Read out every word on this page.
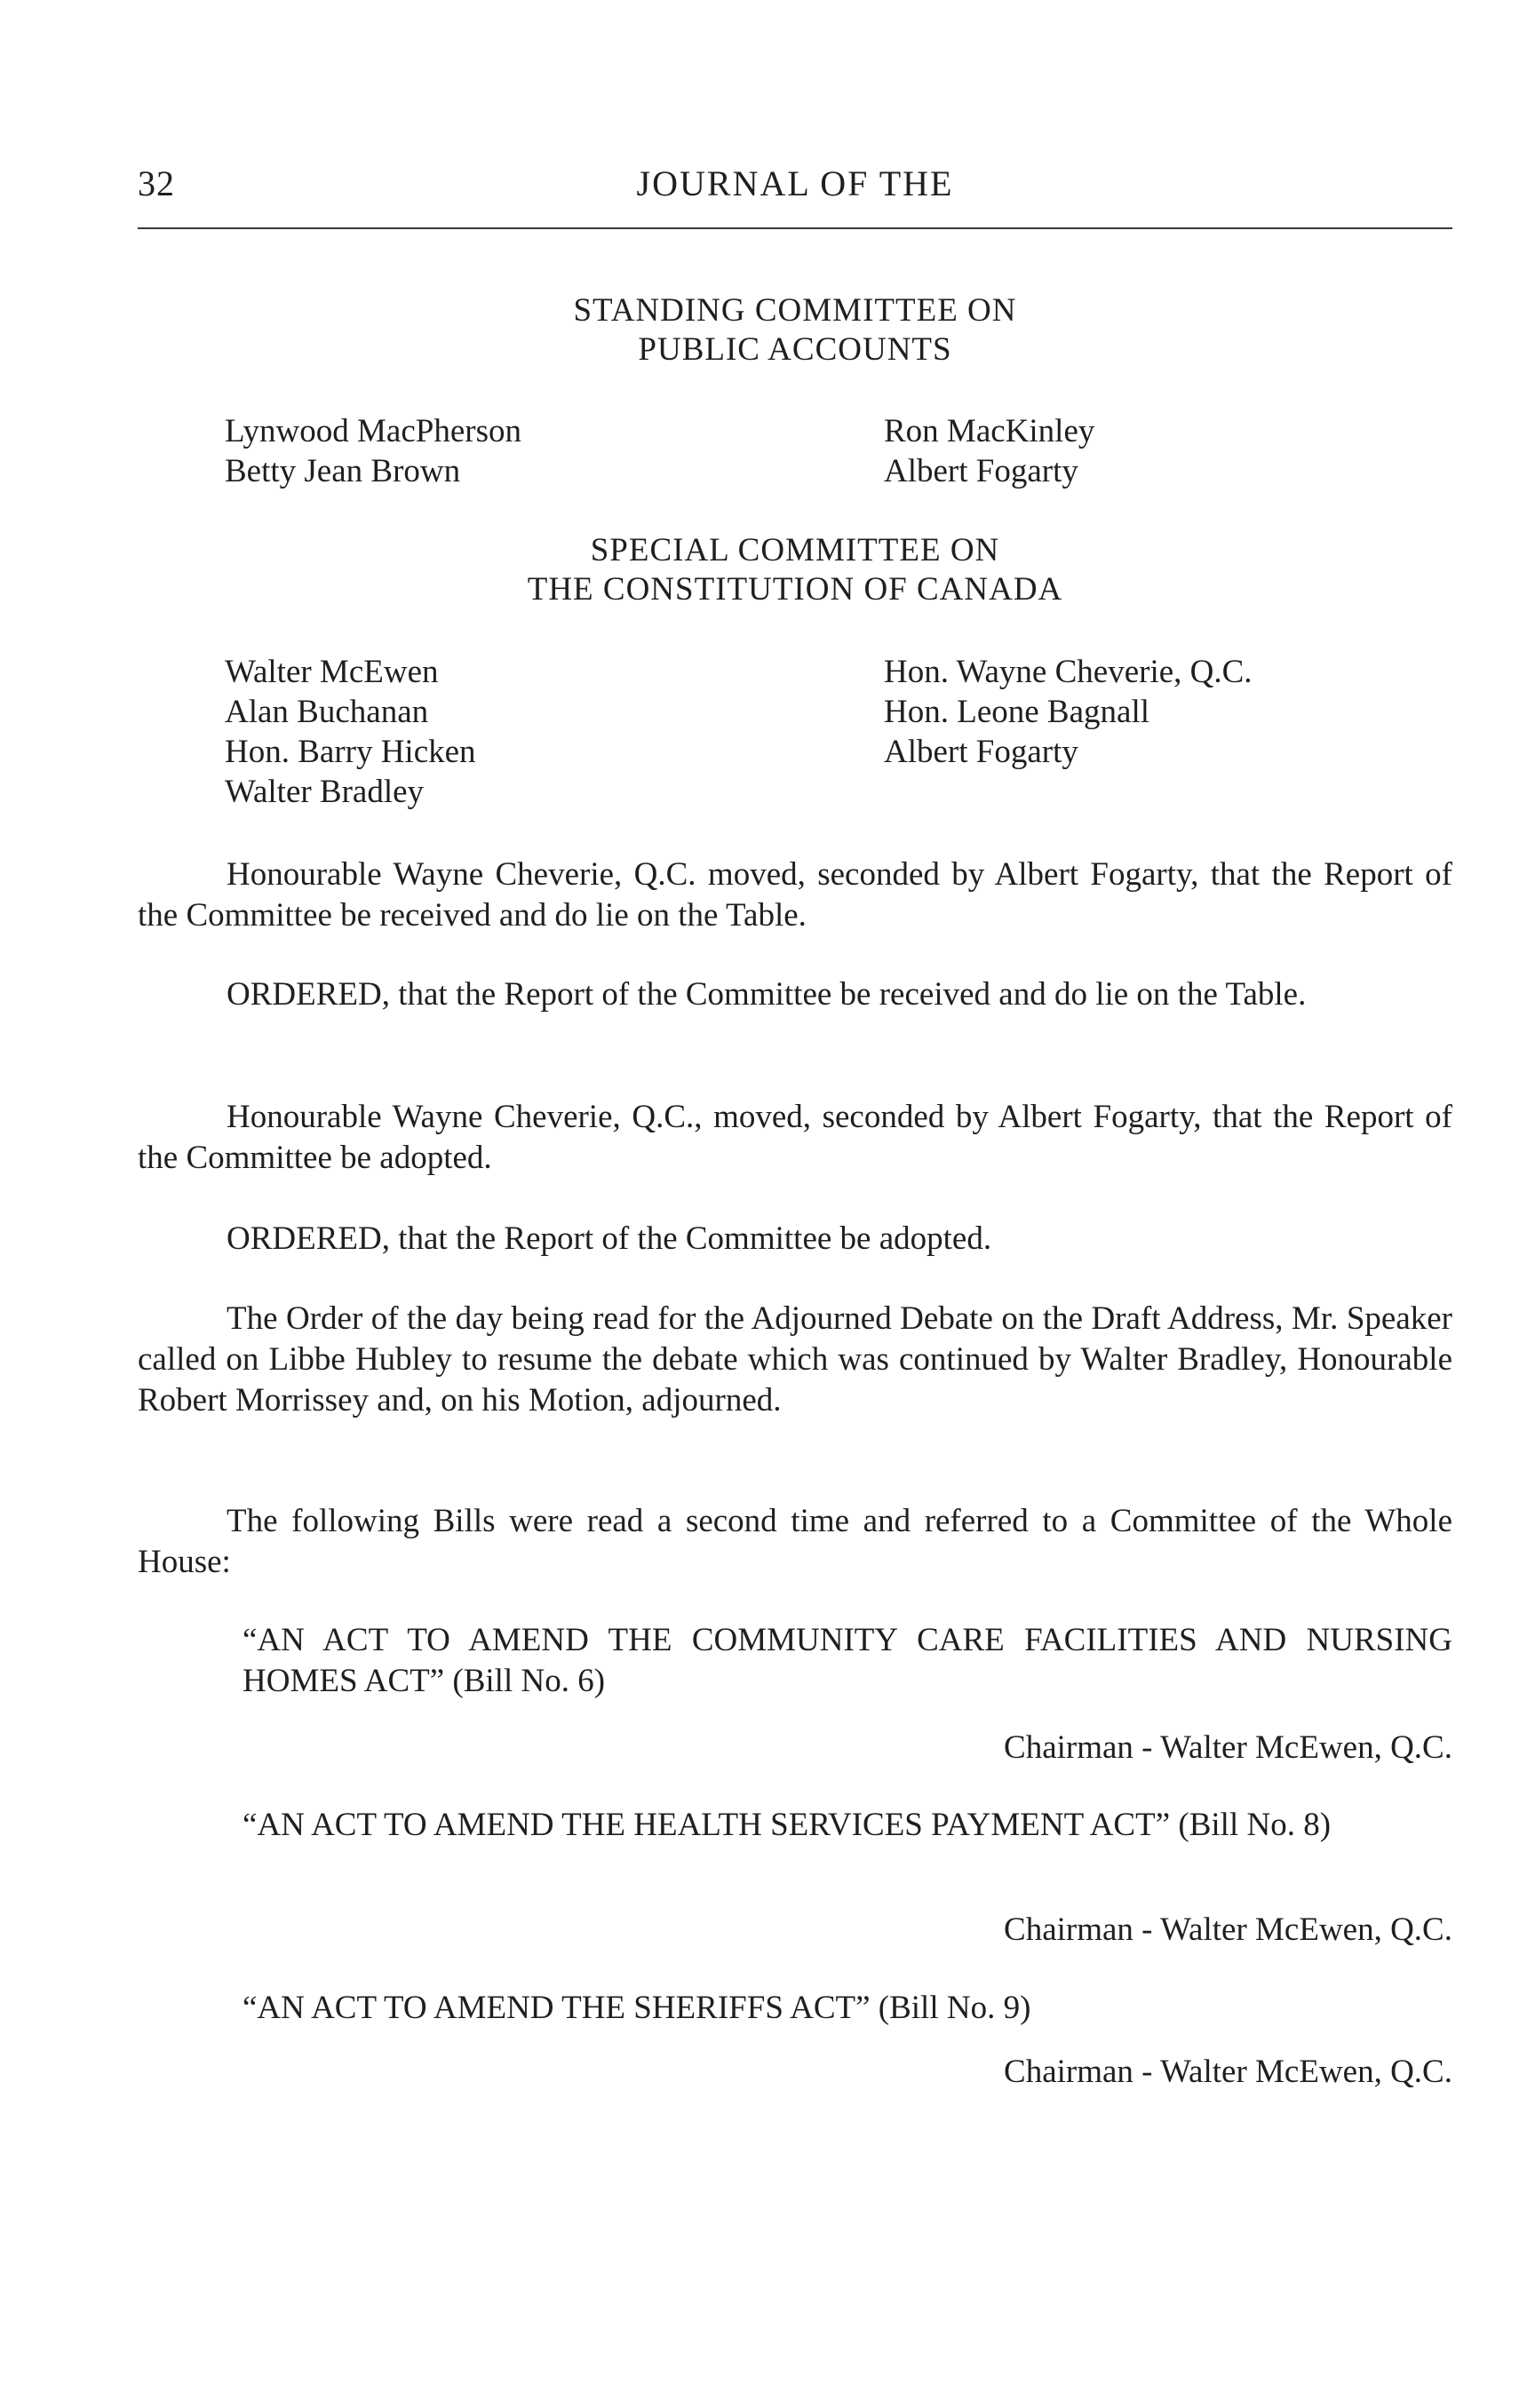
32	JOURNAL OF THE
STANDING COMMITTEE ON
PUBLIC ACCOUNTS
Lynwood MacPherson
Betty Jean Brown
Ron MacKinley
Albert Fogarty
SPECIAL COMMITTEE ON
THE CONSTITUTION OF CANADA
Walter McEwen
Alan Buchanan
Hon. Barry Hicken
Walter Bradley
Hon. Wayne Cheverie, Q.C.
Hon. Leone Bagnall
Albert Fogarty
Honourable Wayne Cheverie, Q.C. moved, seconded by Albert Fogarty, that the Report of the Committee be received and do lie on the Table.
ORDERED, that the Report of the Committee be received and do lie on the Table.
Honourable Wayne Cheverie, Q.C., moved, seconded by Albert Fogarty, that the Report of the Committee be adopted.
ORDERED, that the Report of the Committee be adopted.
The Order of the day being read for the Adjourned Debate on the Draft Address, Mr. Speaker called on Libbe Hubley to resume the debate which was continued by Walter Bradley, Honourable Robert Morrissey and, on his Motion, adjourned.
The following Bills were read a second time and referred to a Committee of the Whole House:
“AN ACT TO AMEND THE COMMUNITY CARE FACILITIES AND NURSING HOMES ACT” (Bill No. 6)
Chairman - Walter McEwen, Q.C.
“AN ACT TO AMEND THE HEALTH SERVICES PAYMENT ACT” (Bill No. 8)
Chairman - Walter McEwen, Q.C.
“AN ACT TO AMEND THE SHERIFFS ACT” (Bill No. 9)
Chairman - Walter McEwen, Q.C.
